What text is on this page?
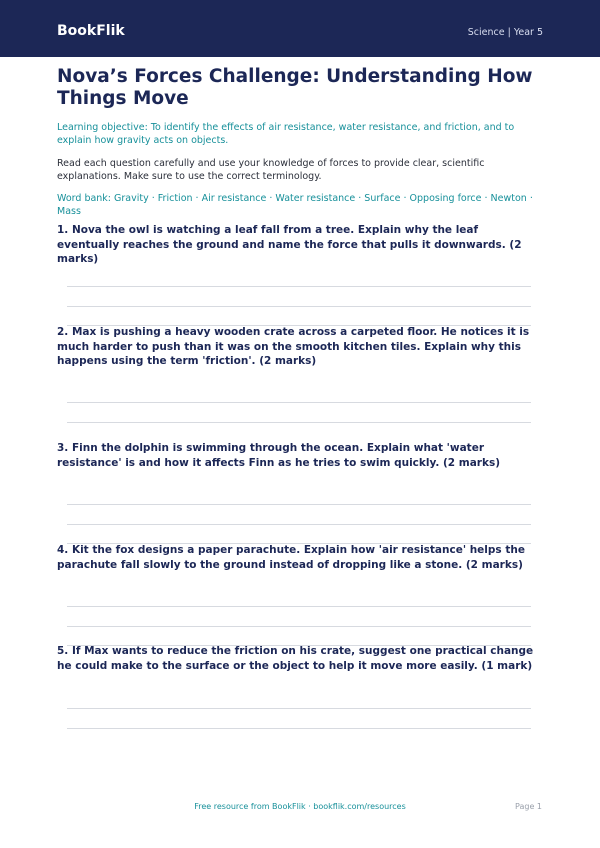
BookFlik	Science | Year 5
Nova’s Forces Challenge: Understanding How Things Move

Learning objective: To identify the effects of air resistance, water resistance, and friction, and to explain how gravity acts on objects.

Read each question carefully and use your knowledge of forces to provide clear, scientific explanations. Make sure to use the correct terminology.

Word bank: Gravity · Friction · Air resistance · Water resistance · Surface · Opposing force · Newton · Mass

1. Nova the owl is watching a leaf fall from a tree. Explain why the leaf eventually reaches the ground and name the force that pulls it downwards. (2 marks)

2. Max is pushing a heavy wooden crate across a carpeted floor. He notices it is much harder to push than it was on the smooth kitchen tiles. Explain why this happens using the term 'friction'. (2 marks)

3. Finn the dolphin is swimming through the ocean. Explain what 'water resistance' is and how it affects Finn as he tries to swim quickly. (2 marks)

4. Kit the fox designs a paper parachute. Explain how 'air resistance' helps the parachute fall slowly to the ground instead of dropping like a stone. (2 marks)

5. If Max wants to reduce the friction on his crate, suggest one practical change he could make to the surface or the object to help it move more easily. (1 mark)

Free resource from BookFlik · bookflik.com/resources	Page 1
